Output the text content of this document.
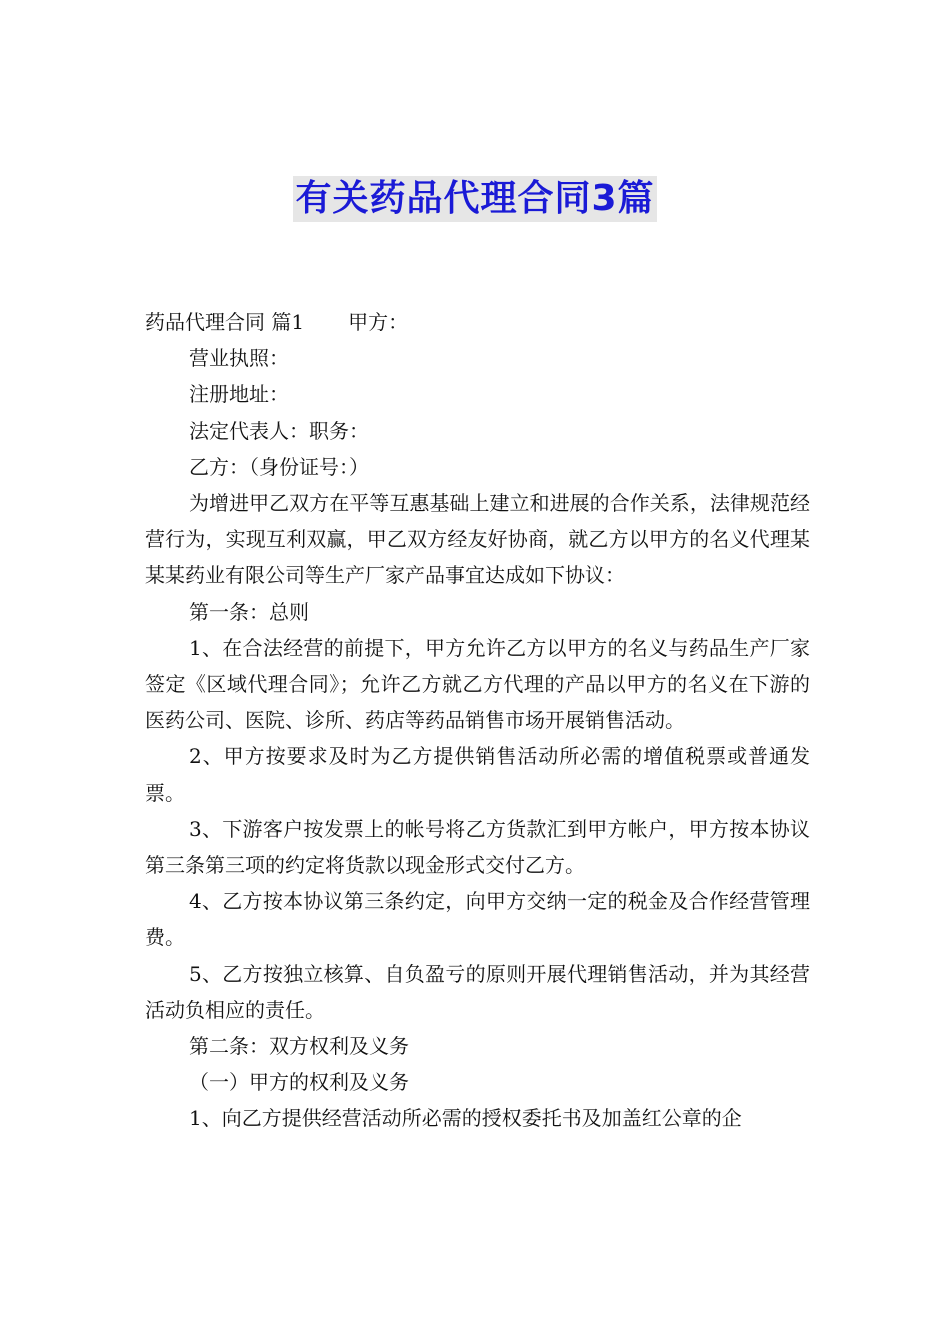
有关药品代理合同3篇

药品代理合同 篇1 甲方：

营业执照：

注册地址：

法定代表人：职务：

乙方：（身份证号：）

为增进甲乙双方在平等互惠基础上建立和进展的合作关系，法律规范经营行为，实现互利双赢，甲乙双方经友好协商，就乙方以甲方的名义代理某某某药业有限公司等生产厂家产品事宜达成如下协议：

第一条：总则

1、在合法经营的前提下，甲方允许乙方以甲方的名义与药品生产厂家签定《区域代理合同》；允许乙方就乙方代理的产品以甲方的名义在下游的医药公司、医院、诊所、药店等药品销售市场开展销售活动。

2、甲方按要求及时为乙方提供销售活动所必需的增值税票或普通发票。

3、下游客户按发票上的帐号将乙方货款汇到甲方帐户，甲方按本协议第三条第三项的约定将货款以现金形式交付乙方。

4、乙方按本协议第三条约定，向甲方交纳一定的税金及合作经营管理费。

5、乙方按独立核算、自负盈亏的原则开展代理销售活动，并为其经营活动负相应的责任。

第二条：双方权利及义务

（一）甲方的权利及义务

1、向乙方提供经营活动所必需的授权委托书及加盖红公章的企
